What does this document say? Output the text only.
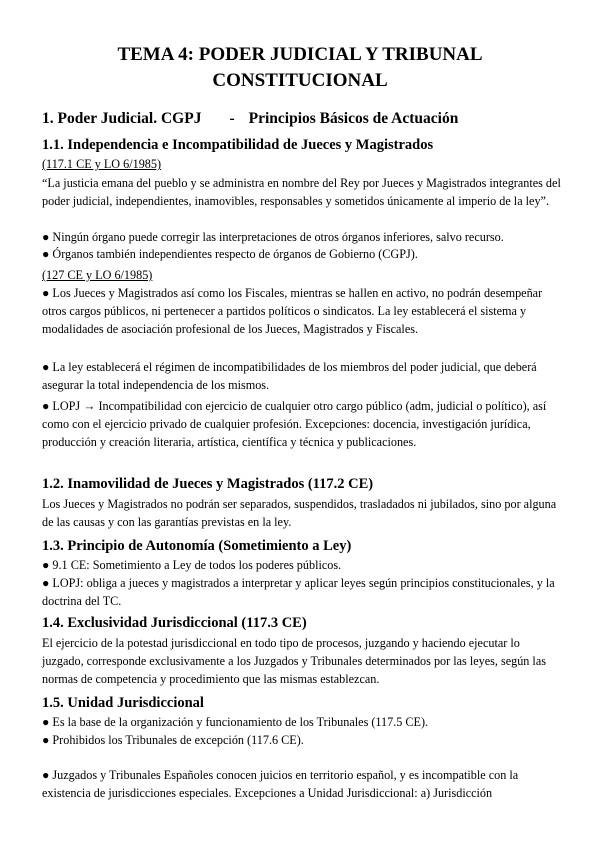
TEMA 4: PODER JUDICIAL Y TRIBUNAL
CONSTITUCIONAL
1. Poder Judicial. CGPJ - Principios Básicos de Actuación
1.1. Independencia e Incompatibilidad de Jueces y Magistrados
(117.1 CE y LO 6/1985)
“La justicia emana del pueblo y se administra en nombre del Rey por Jueces y Magistrados integrantes del poder judicial, independientes, inamovibles, responsables y sometidos únicamente al imperio de la ley”.
● Ningún órgano puede corregir las interpretaciones de otros órganos inferiores, salvo recurso.
● Órganos también independientes respecto de órganos de Gobierno (CGPJ).
(127 CE y LO 6/1985)
● Los Jueces y Magistrados así como los Fiscales, mientras se hallen en activo, no podrán desempeñar otros cargos públicos, ni pertenecer a partidos políticos o sindicatos. La ley establecerá el sistema y modalidades de asociación profesional de los Jueces, Magistrados y Fiscales.
● La ley establecerá el régimen de incompatibilidades de los miembros del poder judicial, que deberá asegurar la total independencia de los mismos.
● LOPJ → Incompatibilidad con ejercicio de cualquier otro cargo público (adm, judicial o político), así como con el ejercicio privado de cualquier profesión. Excepciones: docencia, investigación jurídica, producción y creación literaria, artística, científica y técnica y publicaciones.
1.2. Inamovilidad de Jueces y Magistrados (117.2 CE)
Los Jueces y Magistrados no podrán ser separados, suspendidos, trasladados ni jubilados, sino por alguna de las causas y con las garantías previstas en la ley.
1.3. Principio de Autonomía (Sometimiento a Ley)
● 9.1 CE: Sometimiento a Ley de todos los poderes públicos.
● LOPJ: obliga a jueces y magistrados a interpretar y aplicar leyes según principios constitucionales, y la doctrina del TC.
1.4. Exclusividad Jurisdiccional (117.3 CE)
El ejercicio de la potestad jurisdiccional en todo tipo de procesos, juzgando y haciendo ejecutar lo juzgado, corresponde exclusivamente a los Juzgados y Tribunales determinados por las leyes, según las normas de competencia y procedimiento que las mismas establezcan.
1.5. Unidad Jurisdiccional
● Es la base de la organización y funcionamiento de los Tribunales (117.5 CE).
● Prohibidos los Tribunales de excepción (117.6 CE).
● Juzgados y Tribunales Españoles conocen juicios en territorio español, y es incompatible con la existencia de jurisdicciones especiales. Excepciones a Unidad Jurisdiccional: a) Jurisdicción
